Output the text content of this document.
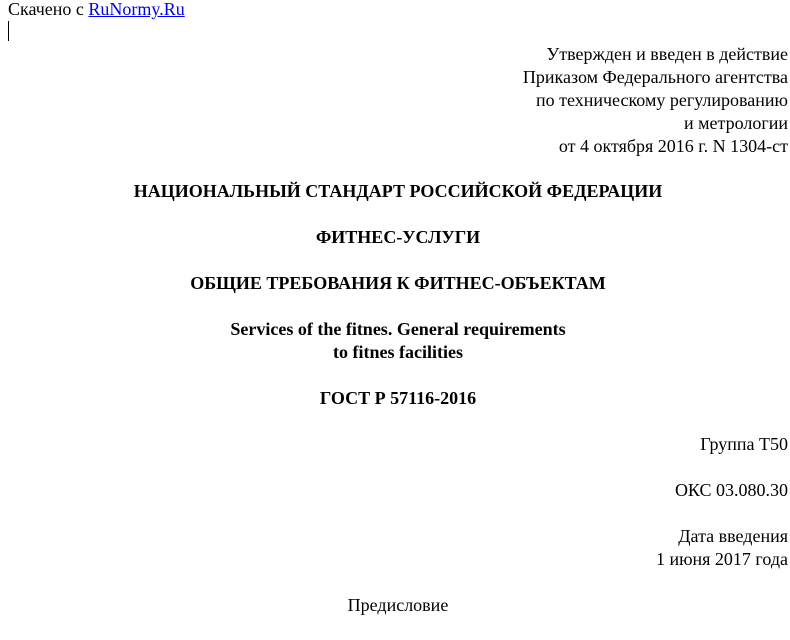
Скачено с RuNormy.Ru
Утвержден и введен в действие
Приказом Федерального агентства
по техническому регулированию
и метрологии
от 4 октября 2016 г. N 1304-ст
НАЦИОНАЛЬНЫЙ СТАНДАРТ РОССИЙСКОЙ ФЕДЕРАЦИИ
ФИТНЕС-УСЛУГИ
ОБЩИЕ ТРЕБОВАНИЯ К ФИТНЕС-ОБЪЕКТАМ
Services of the fitnes. General requirements
to fitnes facilities
ГОСТ Р 57116-2016
Группа Т50
ОКС 03.080.30
Дата введения
1 июня 2017 года
Предисловие
